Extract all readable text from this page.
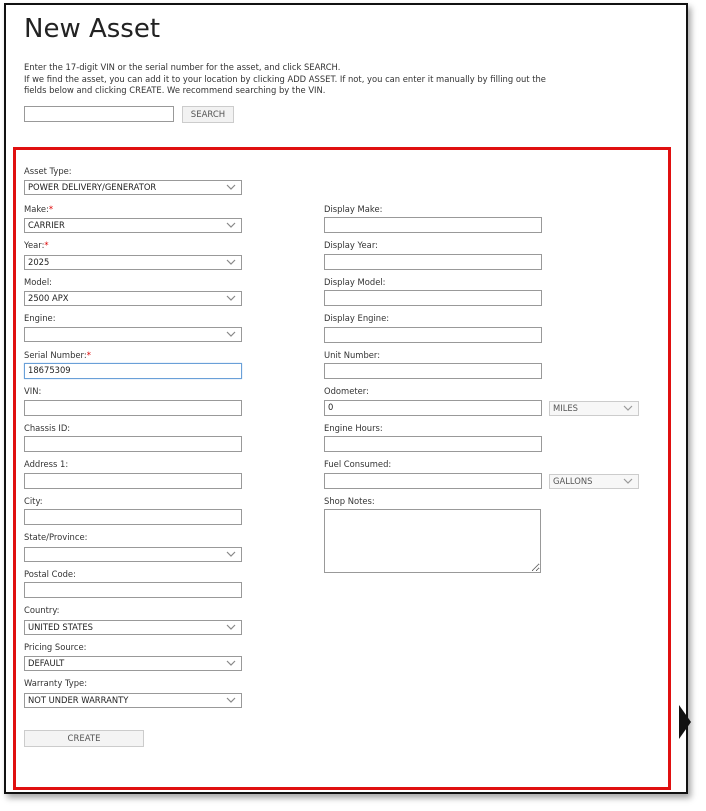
New Asset
Enter the 17-digit VIN or the serial number for the asset, and click SEARCH.
If we find the asset, you can add it to your location by clicking ADD ASSET. If not, you can enter it manually by filling out the fields below and clicking CREATE. We recommend searching by the VIN.
SEARCH
Asset Type:
POWER DELIVERY/GENERATOR
Make:*
CARRIER
Year:*
2025
Model:
2500 APX
Engine:
Serial Number:*
18675309
VIN:
Chassis ID:
Address 1:
City:
State/Province:
Postal Code:
Country:
UNITED STATES
Pricing Source:
DEFAULT
Warranty Type:
NOT UNDER WARRANTY
CREATE
Display Make:
Display Year:
Display Model:
Display Engine:
Unit Number:
Odometer:
0	MILES
Engine Hours:
Fuel Consumed:
GALLONS
Shop Notes:
